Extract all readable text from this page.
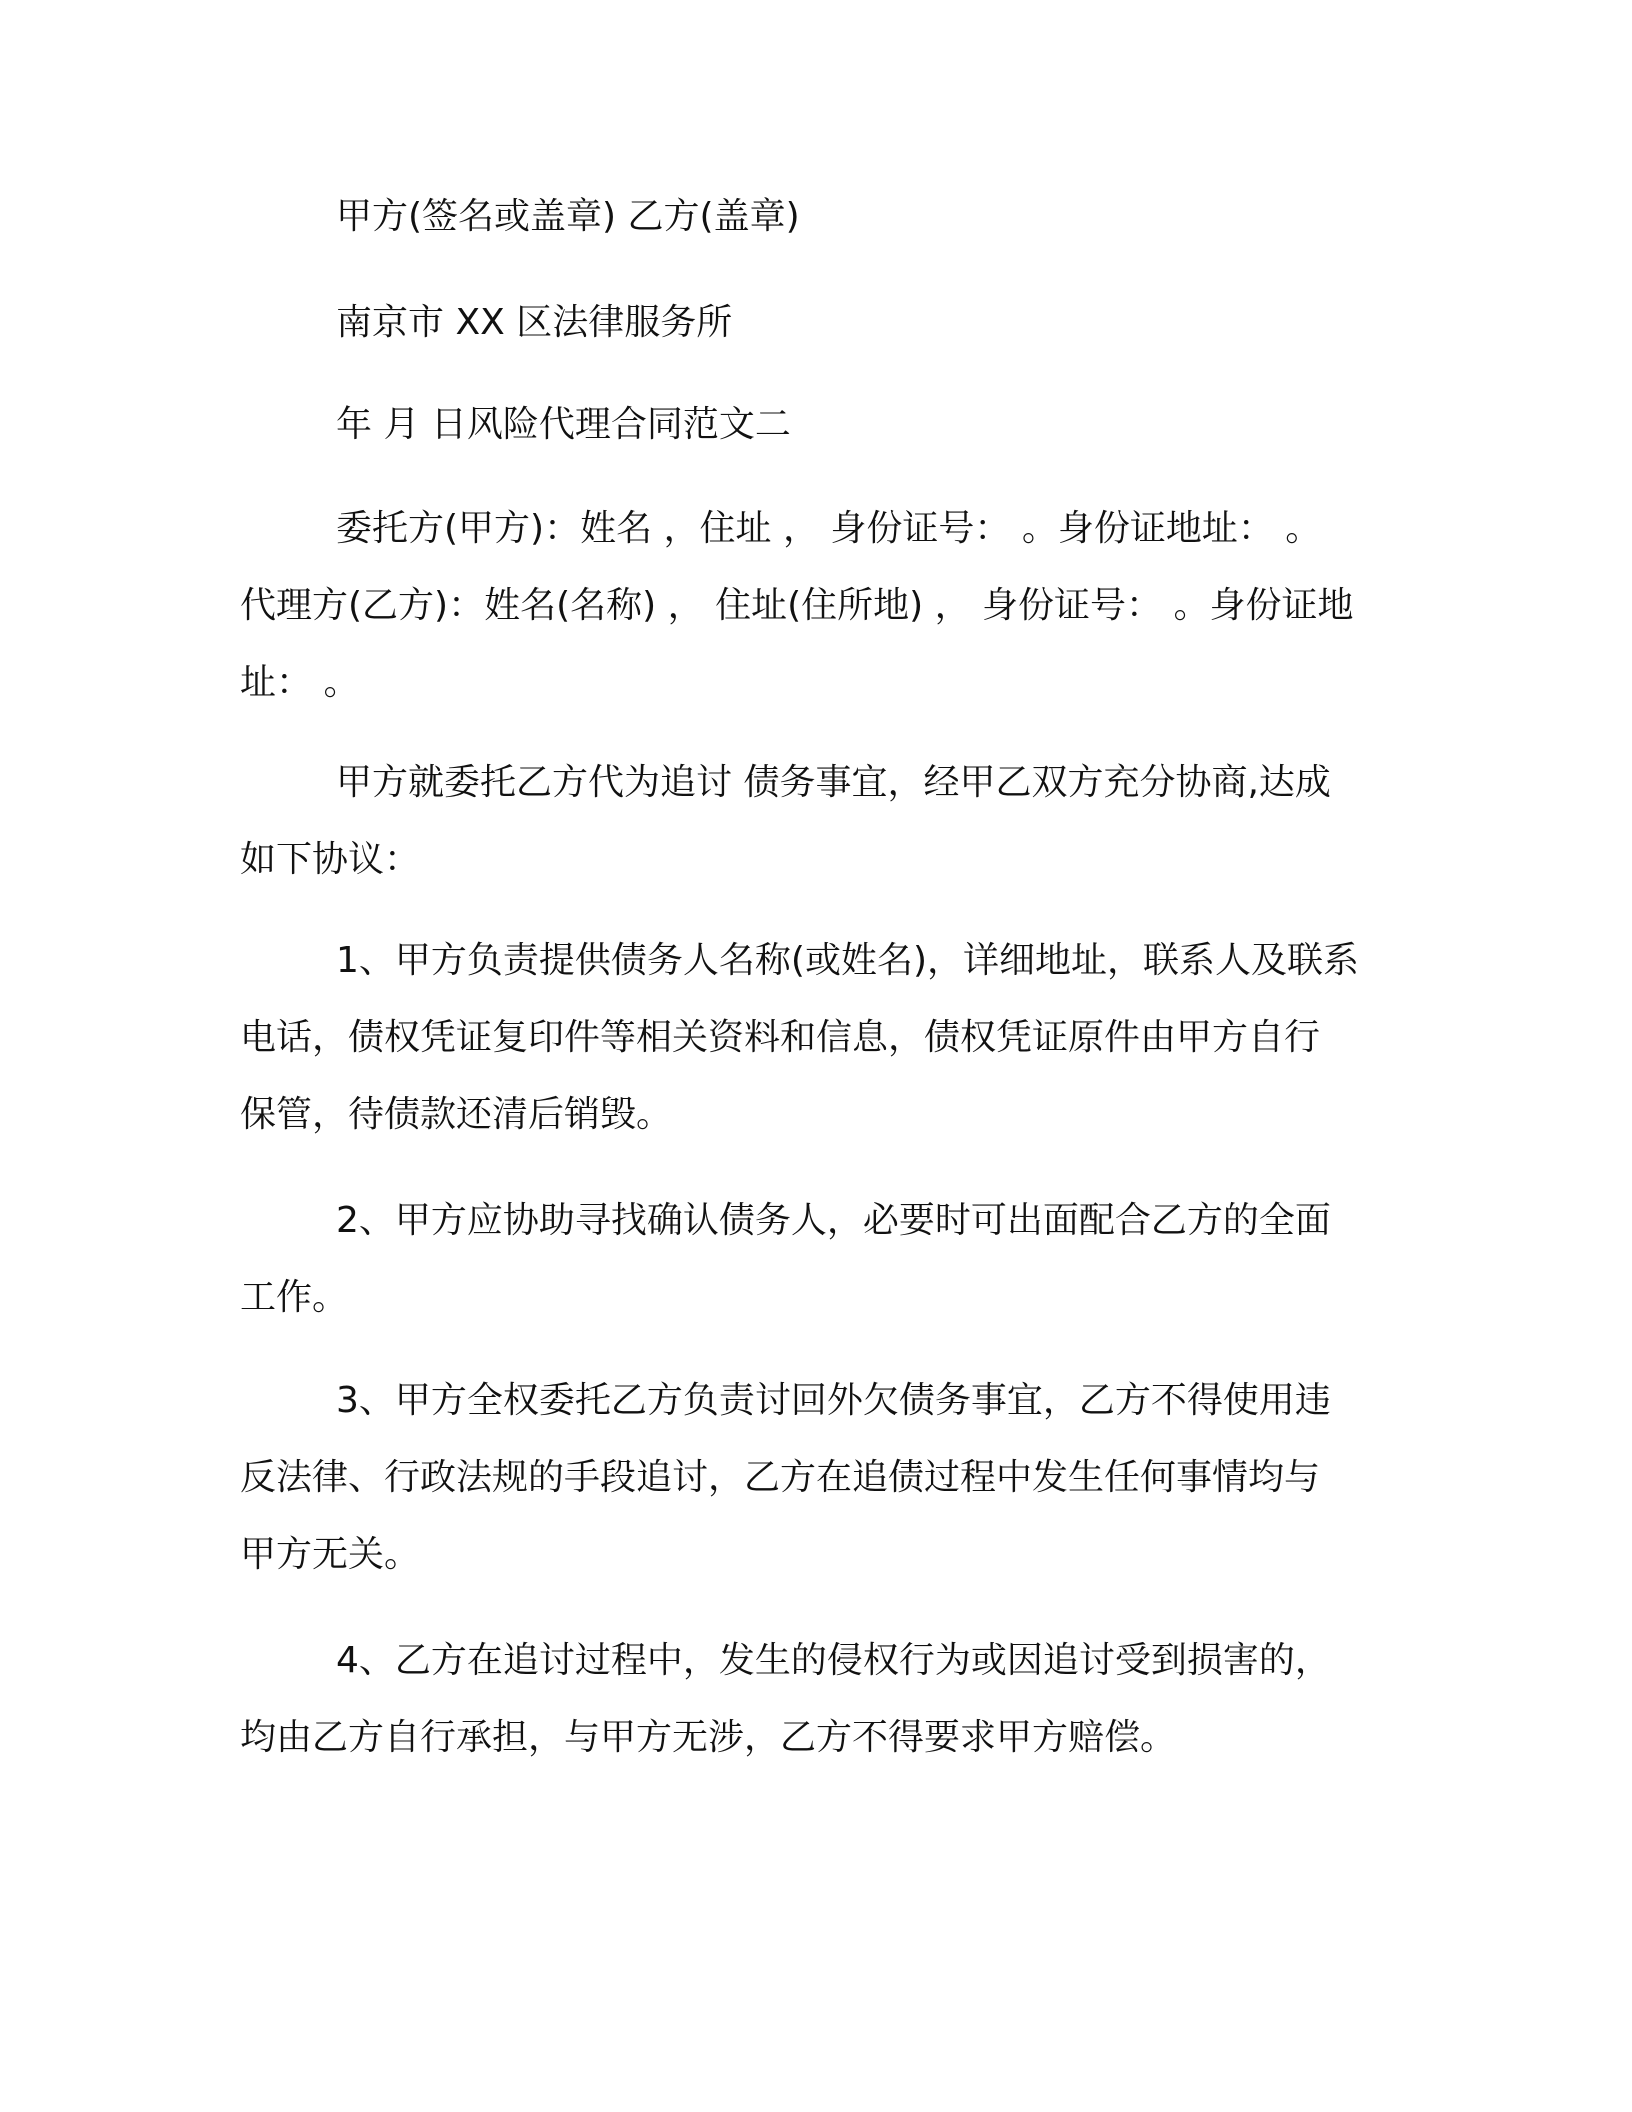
甲方(签名或盖章) 乙方(盖章)

南京市 XX 区法律服务所

年 月 日风险代理合同范文二

委托方(甲方)：姓名 ，住址 ， 身份证号： 。身份证地址： 。
代理方(乙方)：姓名(名称) ， 住址(住所地) ， 身份证号： 。身份证地
址： 。

甲方就委托乙方代为追讨 债务事宜，经甲乙双方充分协商,达成
如下协议：

1、甲方负责提供债务人名称(或姓名)，详细地址，联系人及联系
电话，债权凭证复印件等相关资料和信息，债权凭证原件由甲方自行
保管，待债款还清后销毁。

2、甲方应协助寻找确认债务人，必要时可出面配合乙方的全面
工作。

3、甲方全权委托乙方负责讨回外欠债务事宜，乙方不得使用违
反法律、行政法规的手段追讨，乙方在追债过程中发生任何事情均与
甲方无关。

4、乙方在追讨过程中，发生的侵权行为或因追讨受到损害的，
均由乙方自行承担，与甲方无涉，乙方不得要求甲方赔偿。
